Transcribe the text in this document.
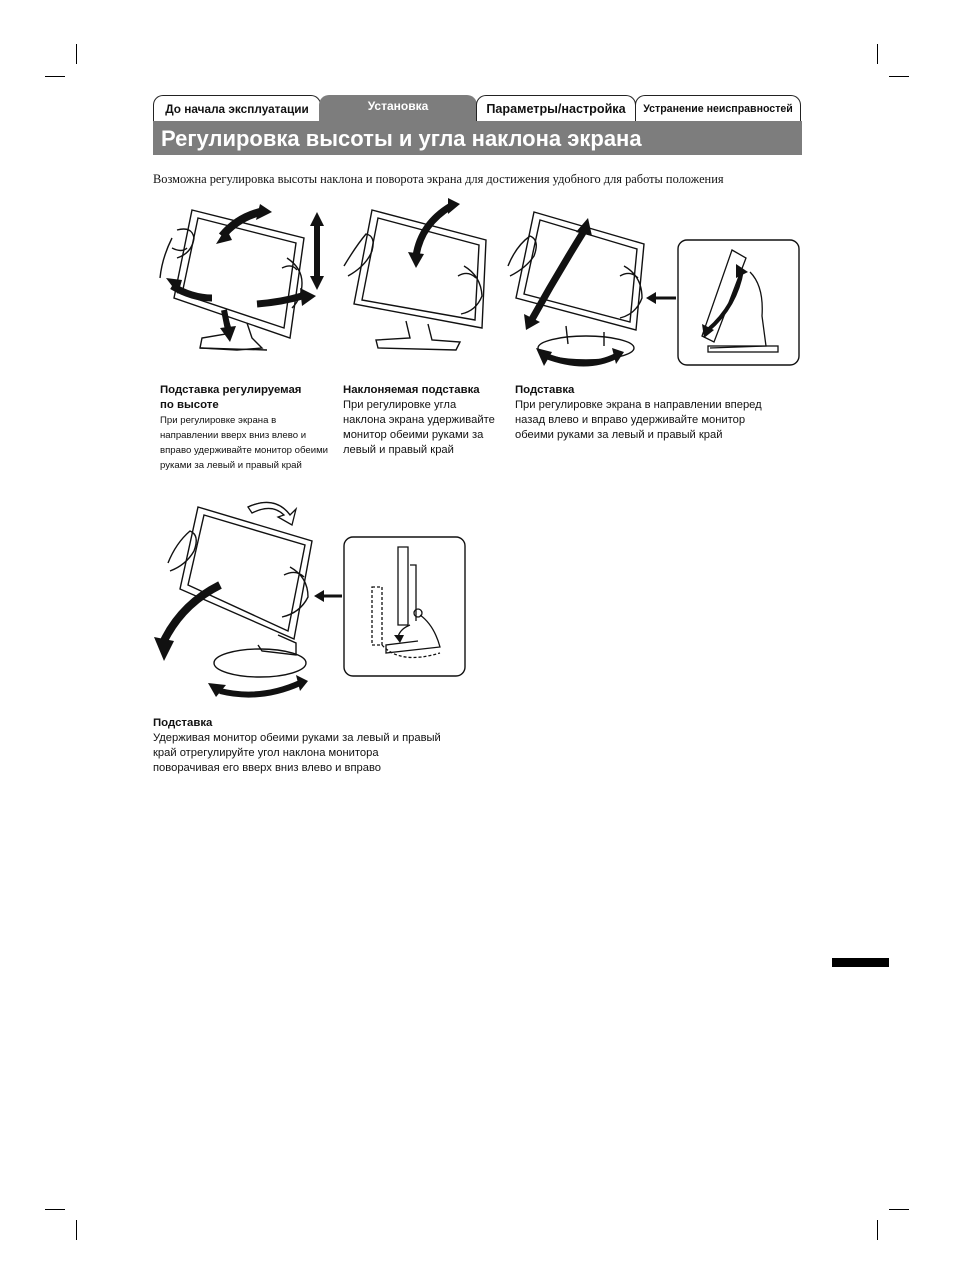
До начала эксплуатации	Установка	Параметры/настройка	Устранение неисправностей
Регулировка высоты и угла наклона экрана
Возможна регулировка высоты наклона и поворота экрана для достижения удобного для работы положения
Подставка регулируемая
по высоте
При регулировке экрана в
направлении вверх вниз влево и
вправо удерживайте монитор обеими
руками за левый и правый край
Наклоняемая подставка
При регулировке угла
наклона экрана удерживайте
монитор обеими руками за
левый и правый край
Подставка
При регулировке экрана в направлении вперед
назад влево и вправо удерживайте монитор
обеими руками за левый и правый край
Подставка
Удерживая монитор обеими руками за левый и правый
край отрегулируйте угол наклона монитора
поворачивая его вверх вниз влево и вправо
